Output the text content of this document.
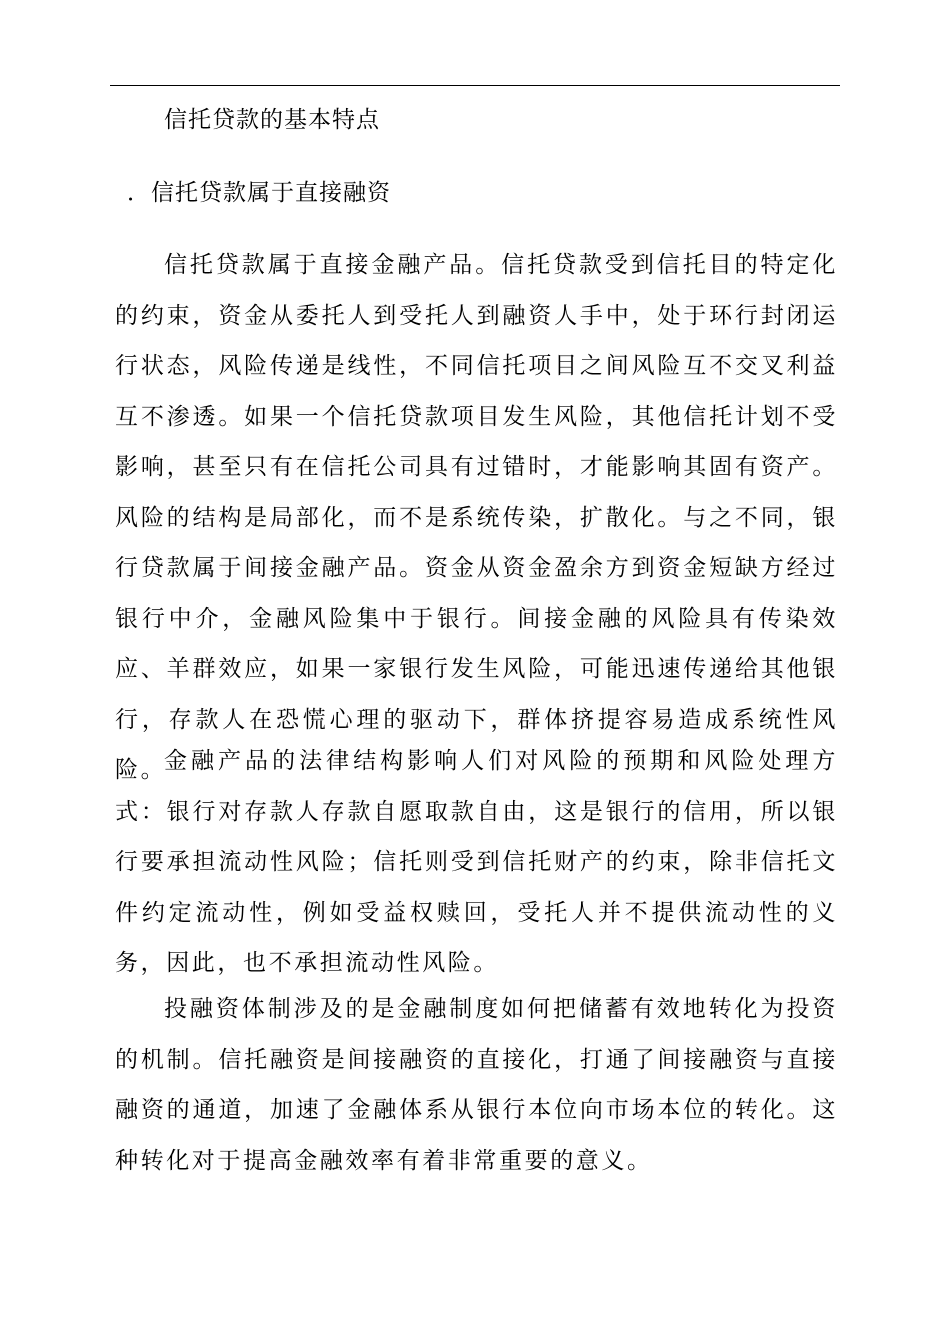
信托贷款的基本特点
．信托贷款属于直接融资

信托贷款属于直接金融产品。信托贷款受到信托目的特定化的约束，资金从委托人到受托人到融资人手中，处于环行封闭运行状态，风险传递是线性，不同信托项目之间风险互不交叉利益互不渗透。如果一个信托贷款项目发生风险，其他信托计划不受影响，甚至只有在信托公司具有过错时，才能影响其固有资产。风险的结构是局部化，而不是系统传染，扩散化。与之不同，银行贷款属于间接金融产品。资金从资金盈余方到资金短缺方经过银行中介，金融风险集中于银行。间接金融的风险具有传染效应、羊群效应，如果一家银行发生风险，可能迅速传递给其他银行，存款人在恐慌心理的驱动下，群体挤提容易造成系统性风险。

金融产品的法律结构影响人们对风险的预期和风险处理方式：银行对存款人存款自愿取款自由，这是银行的信用，所以银行要承担流动性风险；信托则受到信托财产的约束，除非信托文件约定流动性，例如受益权赎回，受托人并不提供流动性的义务，因此，也不承担流动性风险。

投融资体制涉及的是金融制度如何把储蓄有效地转化为投资的机制。信托融资是间接融资的直接化，打通了间接融资与直接融资的通道，加速了金融体系从银行本位向市场本位的转化。这种转化对于提高金融效率有着非常重要的意义。
